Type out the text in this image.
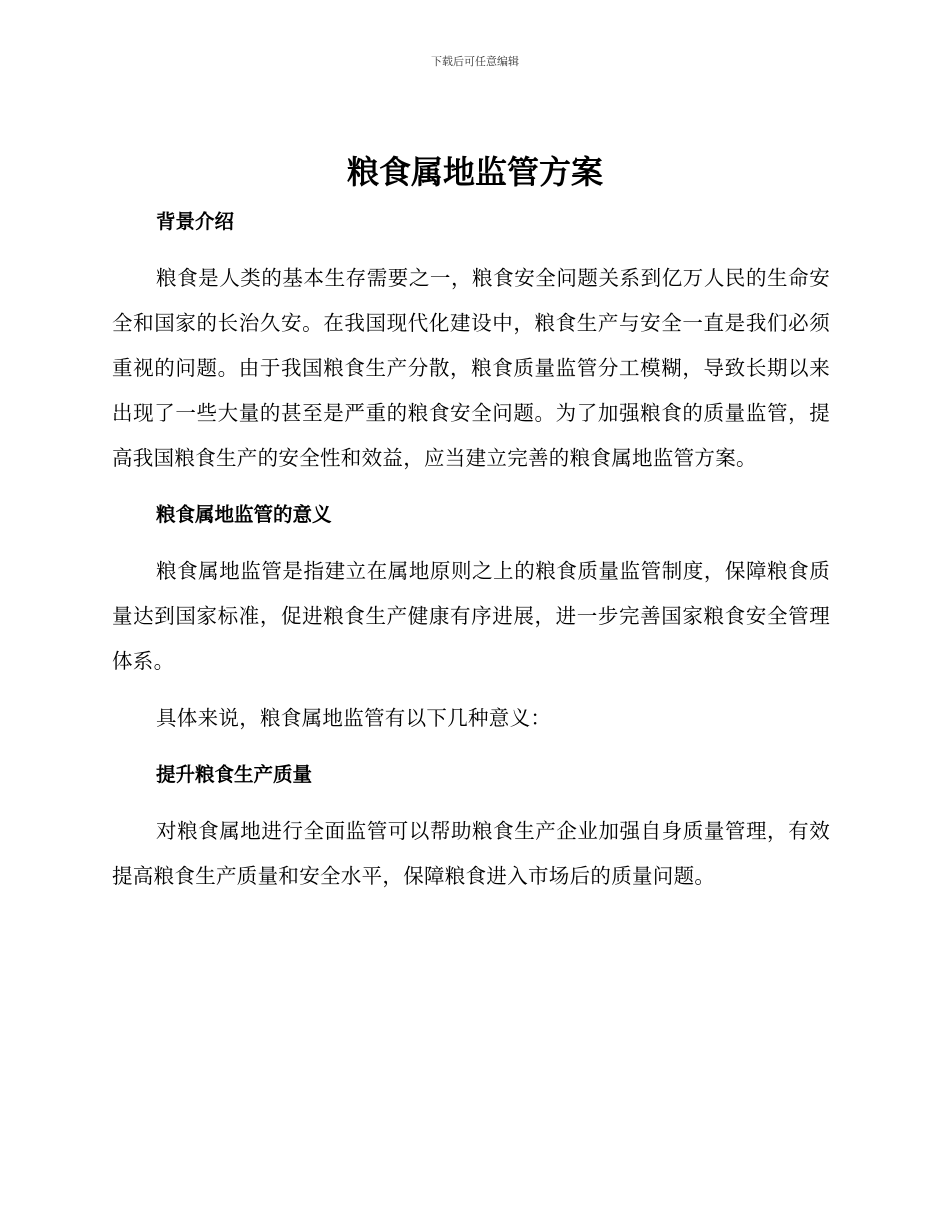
下载后可任意编辑
粮食属地监管方案
背景介绍

粮食是人类的基本生存需要之一，粮食安全问题关系到亿万人民的生命安全和国家的长治久安。在我国现代化建设中，粮食生产与安全一直是我们必须重视的问题。由于我国粮食生产分散，粮食质量监管分工模糊，导致长期以来出现了一些大量的甚至是严重的粮食安全问题。为了加强粮食的质量监管，提高我国粮食生产的安全性和效益，应当建立完善的粮食属地监管方案。

粮食属地监管的意义

粮食属地监管是指建立在属地原则之上的粮食质量监管制度，保障粮食质量达到国家标准，促进粮食生产健康有序进展，进一步完善国家粮食安全管理体系。

具体来说，粮食属地监管有以下几种意义：

提升粮食生产质量

对粮食属地进行全面监管可以帮助粮食生产企业加强自身质量管理，有效提高粮食生产质量和安全水平，保障粮食进入市场后的质量问题。
